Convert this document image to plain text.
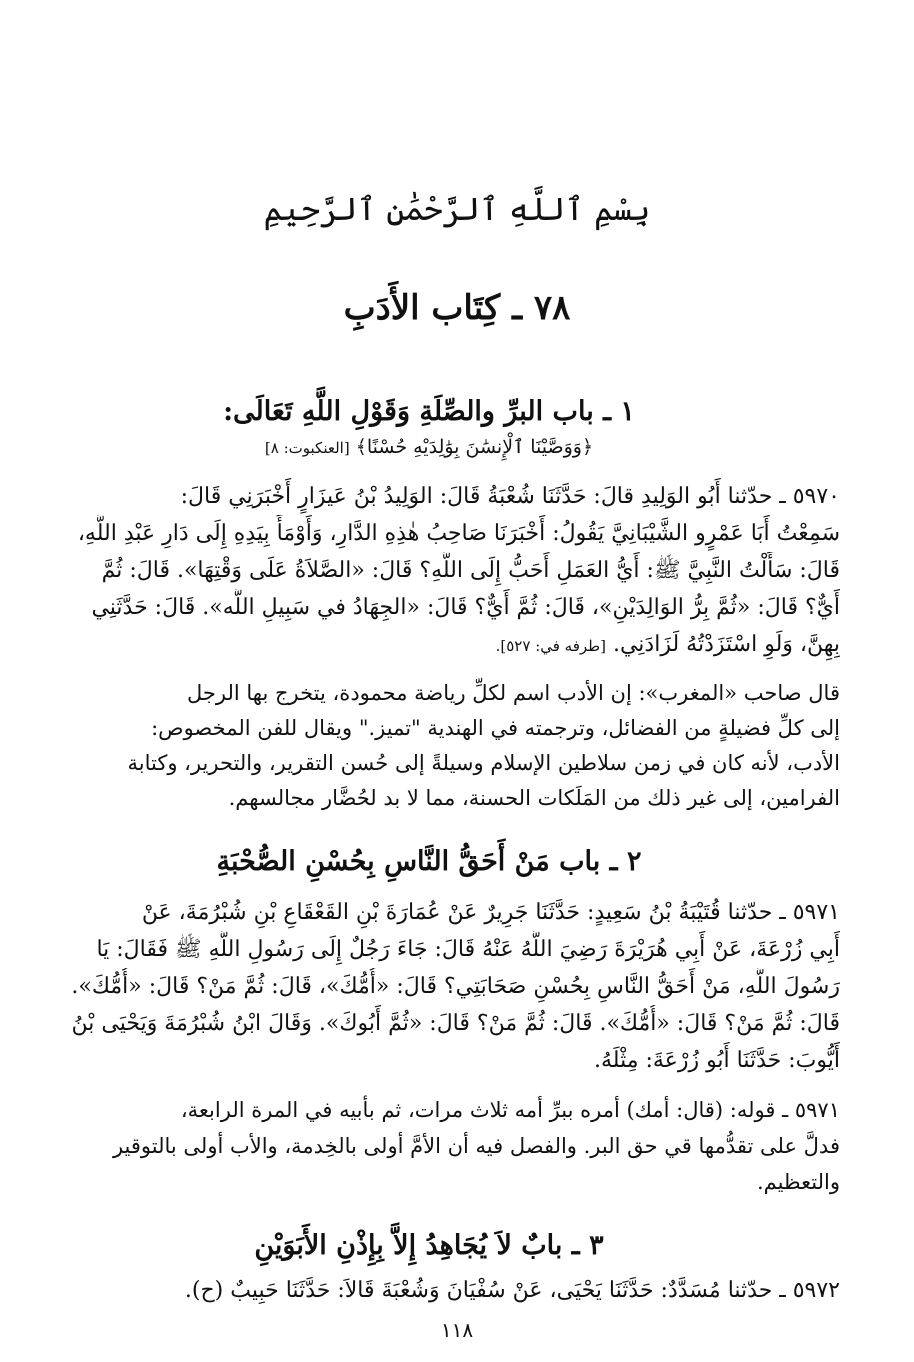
بِسْمِ ٱللَّهِ ٱلرَّحْمَٰنِ ٱلرَّحِيمِ
٧٨ ـ كِتَاب الأَدَبِ
١ ـ باب البرِّ والصِّلَةِ وَقَوْلِ اللَّهِ تَعَالَى:
﴿وَوَصَّيْنَا ٱلْإِنسَٰنَ بِوَٰلِدَيْهِ حُسْنًا﴾ [العنكبوت: ٨]
٥٩٧٠ ـ حدّثنا أَبُو الوَلِيدِ قالَ: حَدَّثَنَا شُعْبَةُ قَالَ: الوَلِيدُ بْنُ عَيزَارٍ أَخْبَرَنِي قَالَ:
سَمِعْتُ أَبَا عَمْرٍو الشَّيْبَانِيَّ يَقُولُ: أَخْبَرَنَا صَاحِبُ هٰذِهِ الدَّارِ، وَأَوْمَأَ بِيَدِهِ إِلَى دَارِ عَبْدِ اللَّهِ،
قَالَ: سَأَلْتُ النَّبِيَّ ﷺ: أَيُّ العَمَلِ أَحَبُّ إِلَى اللَّهِ؟ قَالَ: «الصَّلاَةُ عَلَى وَقْتِهَا». قَالَ: ثُمَّ
أَيٌّ؟ قَالَ: «ثُمَّ بِرُّ الوَالِدَيْنِ»، قَالَ: ثُمَّ أَيٌّ؟ قَالَ: «الجِهَادُ في سَبِيلِ اللَّه». قَالَ: حَدَّثَنِي
بِهِنَّ، وَلَوِ اسْتَزَدْتُهُ لَزَادَنِي. [طرفه في: ٥٢٧].
قال صاحب «المغرب»: إن الأدب اسم لكلِّ رياضة محمودة، يتخرج بها الرجل
إلى كلِّ فضيلةٍ من الفضائل، وترجمته في الهندية "تميز." ويقال للفن المخصوص:
الأدب، لأنه كان في زمن سلاطين الإسلام وسيلةً إلى حُسن التقرير، والتحرير، وكتابة
الفرامين، إلى غير ذلك من المَلَكات الحسنة، مما لا بد لحُضَّار مجالسهم.
٢ ـ باب مَنْ أَحَقُّ النَّاسِ بِحُسْنِ الصُّحْبَةِ
٥٩٧١ ـ حدّثنا قُتَيْبَةُ بْنُ سَعِيدٍ: حَدَّثَنَا جَرِيرٌ عَنْ عُمَارَةَ بْنِ القَعْقَاعِ بْنِ شُبْرُمَةَ، عَنْ
أَبِي زُرْعَةَ، عَنْ أَبِي هُرَيْرَةَ رَضِيَ اللَّهُ عَنْهُ قَالَ: جَاءَ رَجُلٌ إِلَى رَسُولِ اللَّهِ ﷺ فَقَالَ: يَا
رَسُولَ اللَّهِ، مَنْ أَحَقُّ النَّاسِ بِحُسْنِ صَحَابَتِي؟ قَالَ: «أُمُّكَ»، قَالَ: ثُمَّ مَنْ؟ قَالَ: «أُمُّكَ».
قَالَ: ثُمَّ مَنْ؟ قَالَ: «أُمُّكَ». قَالَ: ثُمَّ مَنْ؟ قَالَ: «ثُمَّ أَبُوكَ». وَقَالَ ابْنُ شُبْرُمَةَ وَيَحْيَى بْنُ
أَيُّوبَ: حَدَّثَنَا أَبُو زُرْعَةَ: مِثْلَهُ.
٥٩٧١ ـ قوله: (قال: أمك) أمره ببرِّ أمه ثلاث مرات، ثم بأبيه في المرة الرابعة،
فدلَّ على تقدُّمها قي حق البر. والفصل فيه أن الأمَّ أولى بالخِدمة، والأب أولى بالتوقير
والتعظيم.
٣ ـ بابٌ لاَ يُجَاهِدُ إِلاَّ بِإِذْنِ الأَبَوَيْنِ
٥٩٧٢ ـ حدّثنا مُسَدَّدٌ: حَدَّثَنَا يَحْيَى، عَنْ سُفْيَانَ وَشُعْبَةَ قَالاَ: حَدَّثَنَا حَبِيبٌ (ح).
١١٨
